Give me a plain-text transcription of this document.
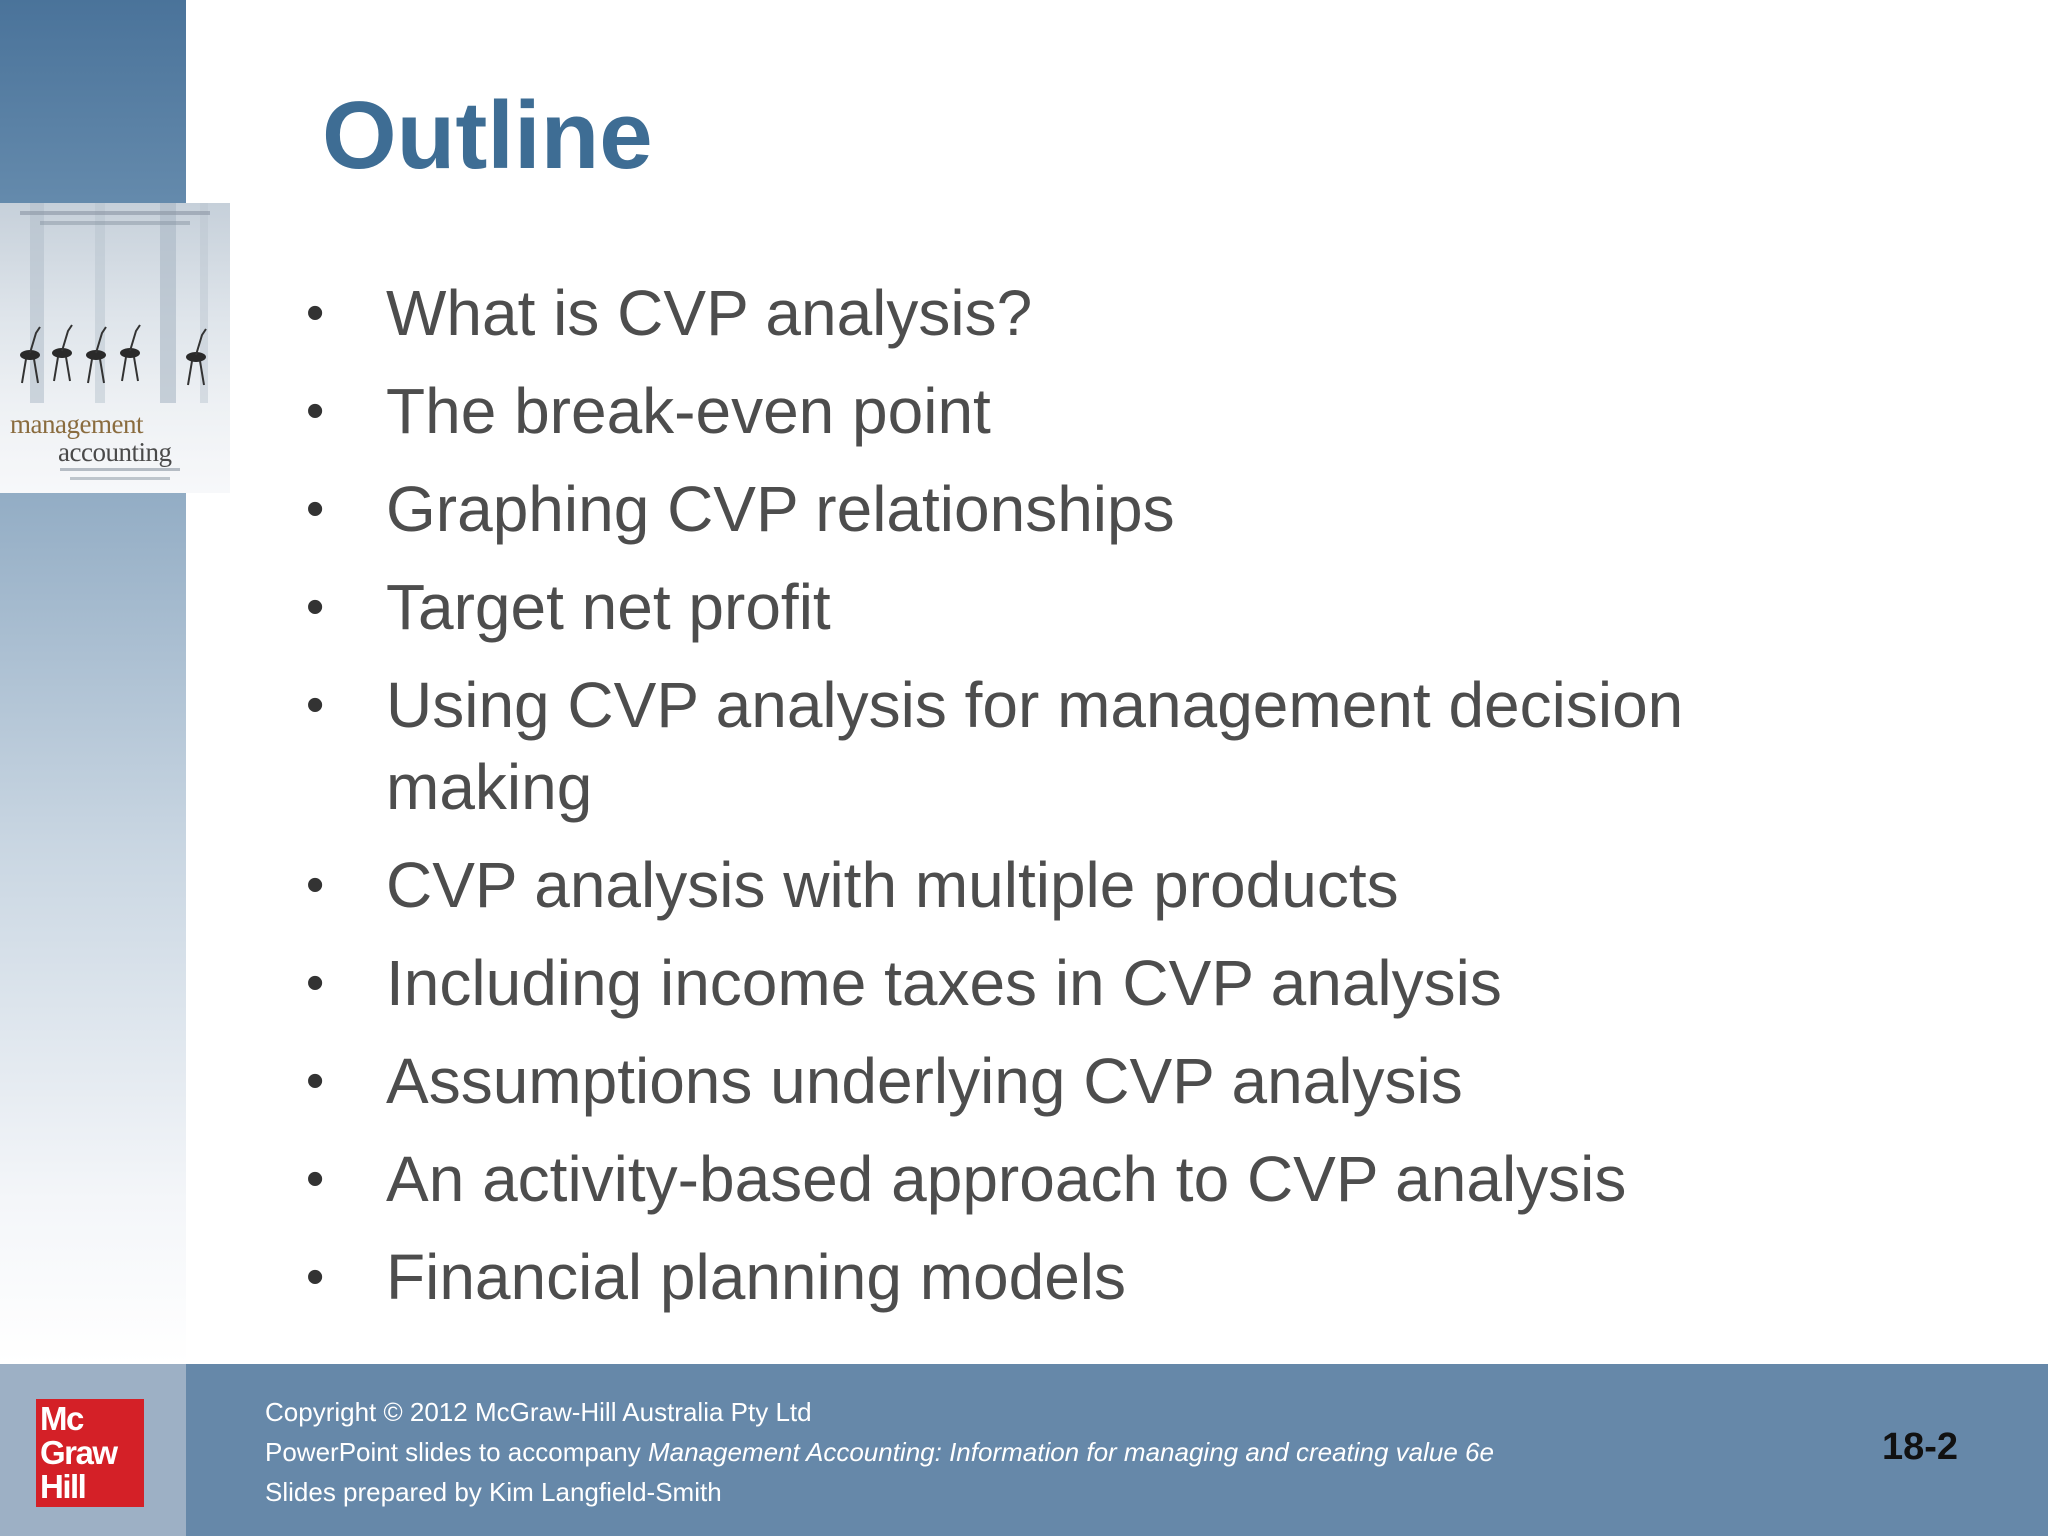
management
accounting
Outline
• What is CVP analysis?
• The break-even point
• Graphing CVP relationships
• Target net profit
• Using CVP analysis for management decision making
• CVP analysis with multiple products
• Including income taxes in CVP analysis
• Assumptions underlying CVP analysis
• An activity-based approach to CVP analysis
• Financial planning models
Mc
Graw
Hill
Copyright © 2012 McGraw-Hill Australia Pty Ltd
PowerPoint slides to accompany Management Accounting: Information for managing and creating value 6e
Slides prepared by Kim Langfield-Smith
18-2
